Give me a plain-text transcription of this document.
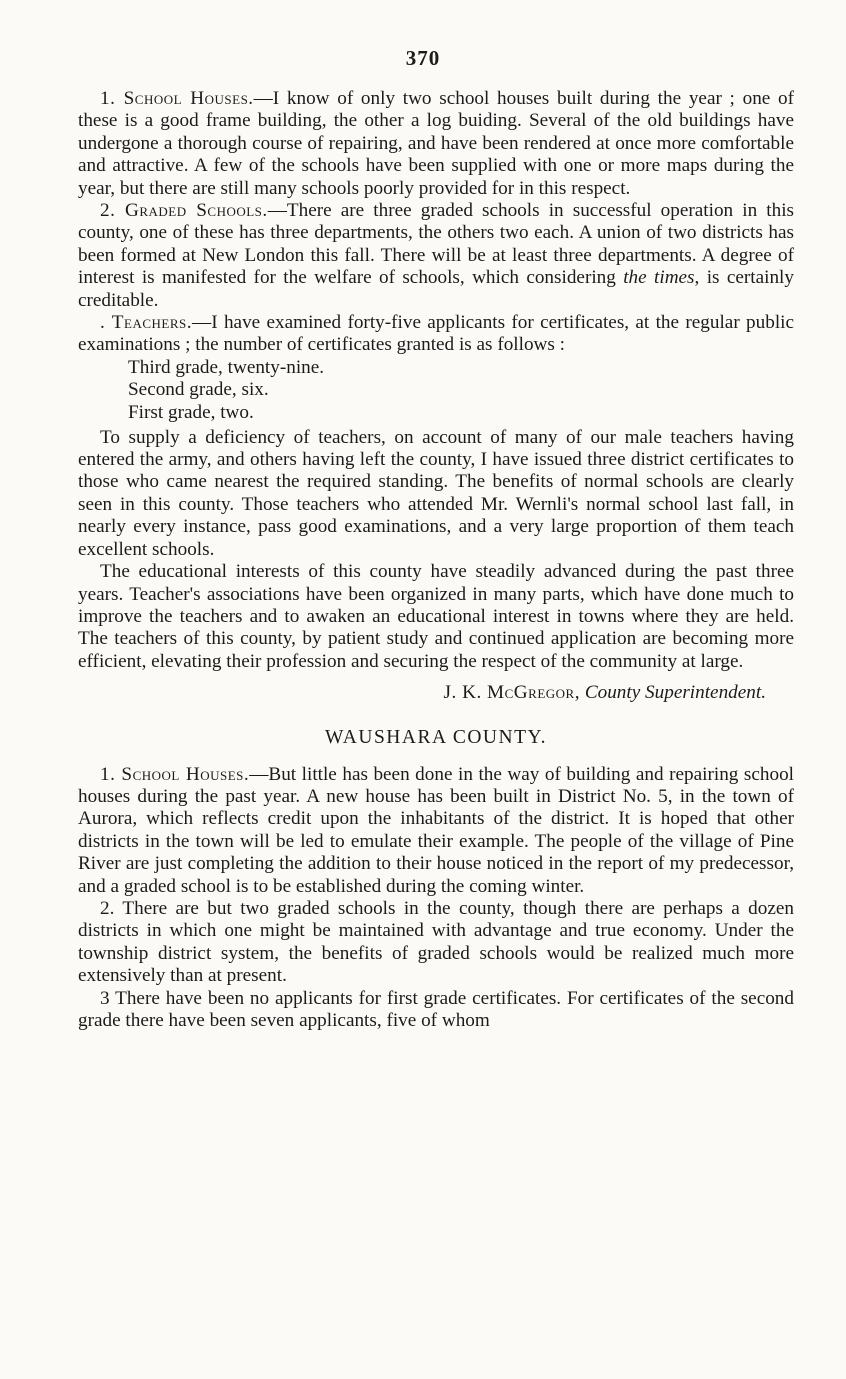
370

1. School Houses.—I know of only two school houses built during the year ; one of these is a good frame building, the other a log buiding. Several of the old buildings have undergone a thorough course of repairing, and have been rendered at once more comfortable and attractive. A few of the schools have been supplied with one or more maps during the year, but there are still many schools poorly provided for in this respect.

2. Graded Schools.—There are three graded schools in successful operation in this county, one of these has three departments, the others two each. A union of two districts has been formed at New London this fall. There will be at least three departments. A degree of interest is manifested for the welfare of schools, which considering the times, is certainly creditable.

. Teachers.—I have examined forty-five applicants for certificates, at the regular public examinations ; the number of certificates granted is as follows :

Third grade, twenty-nine.
Second grade, six.
First grade, two.

To supply a deficiency of teachers, on account of many of our male teachers having entered the army, and others having left the county, I have issued three district certificates to those who came nearest the required standing. The benefits of normal schools are clearly seen in this county. Those teachers who attended Mr. Wernli's normal school last fall, in nearly every instance, pass good examinations, and a very large proportion of them teach excellent schools.

The educational interests of this county have steadily advanced during the past three years. Teacher's associations have been organized in many parts, which have done much to improve the teachers and to awaken an educational interest in towns where they are held. The teachers of this county, by patient study and continued application are becoming more efficient, elevating their profession and securing the respect of the community at large.

J. K. McGregor, County Superintendent.
WAUSHARA COUNTY.

1. School Houses.—But little has been done in the way of building and repairing school houses during the past year. A new house has been built in District No. 5, in the town of Aurora, which reflects credit upon the inhabitants of the district. It is hoped that other districts in the town will be led to emulate their example. The people of the village of Pine River are just completing the addition to their house noticed in the report of my predecessor, and a graded school is to be established during the coming winter.

2. There are but two graded schools in the county, though there are perhaps a dozen districts in which one might be maintained with advantage and true economy. Under the township district system, the benefits of graded schools would be realized much more extensively than at present.

3 There have been no applicants for first grade certificates. For certificates of the second grade there have been seven applicants, five of whom
